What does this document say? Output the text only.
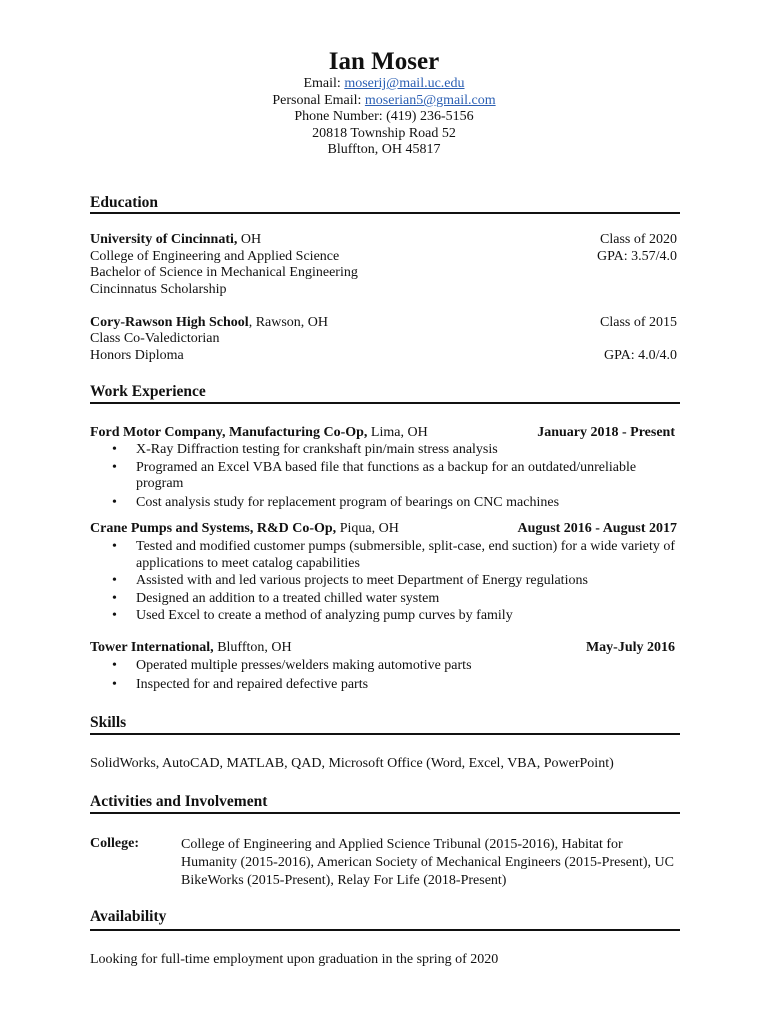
Ian Moser
Email: moserij@mail.uc.edu
Personal Email: moserian5@gmail.com
Phone Number: (419) 236-5156
20818 Township Road 52
Bluffton, OH 45817
Education
University of Cincinnati, OH	Class of 2020
College of Engineering and Applied Science	GPA: 3.57/4.0
Bachelor of Science in Mechanical Engineering
Cincinnatus Scholarship
Cory-Rawson High School, Rawson, OH	Class of 2015
Class Co-Valedictorian
Honors Diploma	GPA: 4.0/4.0
Work Experience
Ford Motor Company, Manufacturing Co-Op, Lima, OH	January 2018 - Present
• X-Ray Diffraction testing for crankshaft pin/main stress analysis
• Programed an Excel VBA based file that functions as a backup for an outdated/unreliable program
• Cost analysis study for replacement program of bearings on CNC machines
Crane Pumps and Systems, R&D Co-Op, Piqua, OH	August 2016 - August 2017
• Tested and modified customer pumps (submersible, split-case, end suction) for a wide variety of applications to meet catalog capabilities
• Assisted with and led various projects to meet Department of Energy regulations
• Designed an addition to a treated chilled water system
• Used Excel to create a method of analyzing pump curves by family
Tower International, Bluffton, OH	May-July 2016
• Operated multiple presses/welders making automotive parts
• Inspected for and repaired defective parts
Skills
SolidWorks, AutoCAD, MATLAB, QAD, Microsoft Office (Word, Excel, VBA, PowerPoint)
Activities and Involvement
College:	College of Engineering and Applied Science Tribunal (2015-2016), Habitat for Humanity (2015-2016), American Society of Mechanical Engineers (2015-Present), UC BikeWorks (2015-Present), Relay For Life (2018-Present)
Availability
Looking for full-time employment upon graduation in the spring of 2020
